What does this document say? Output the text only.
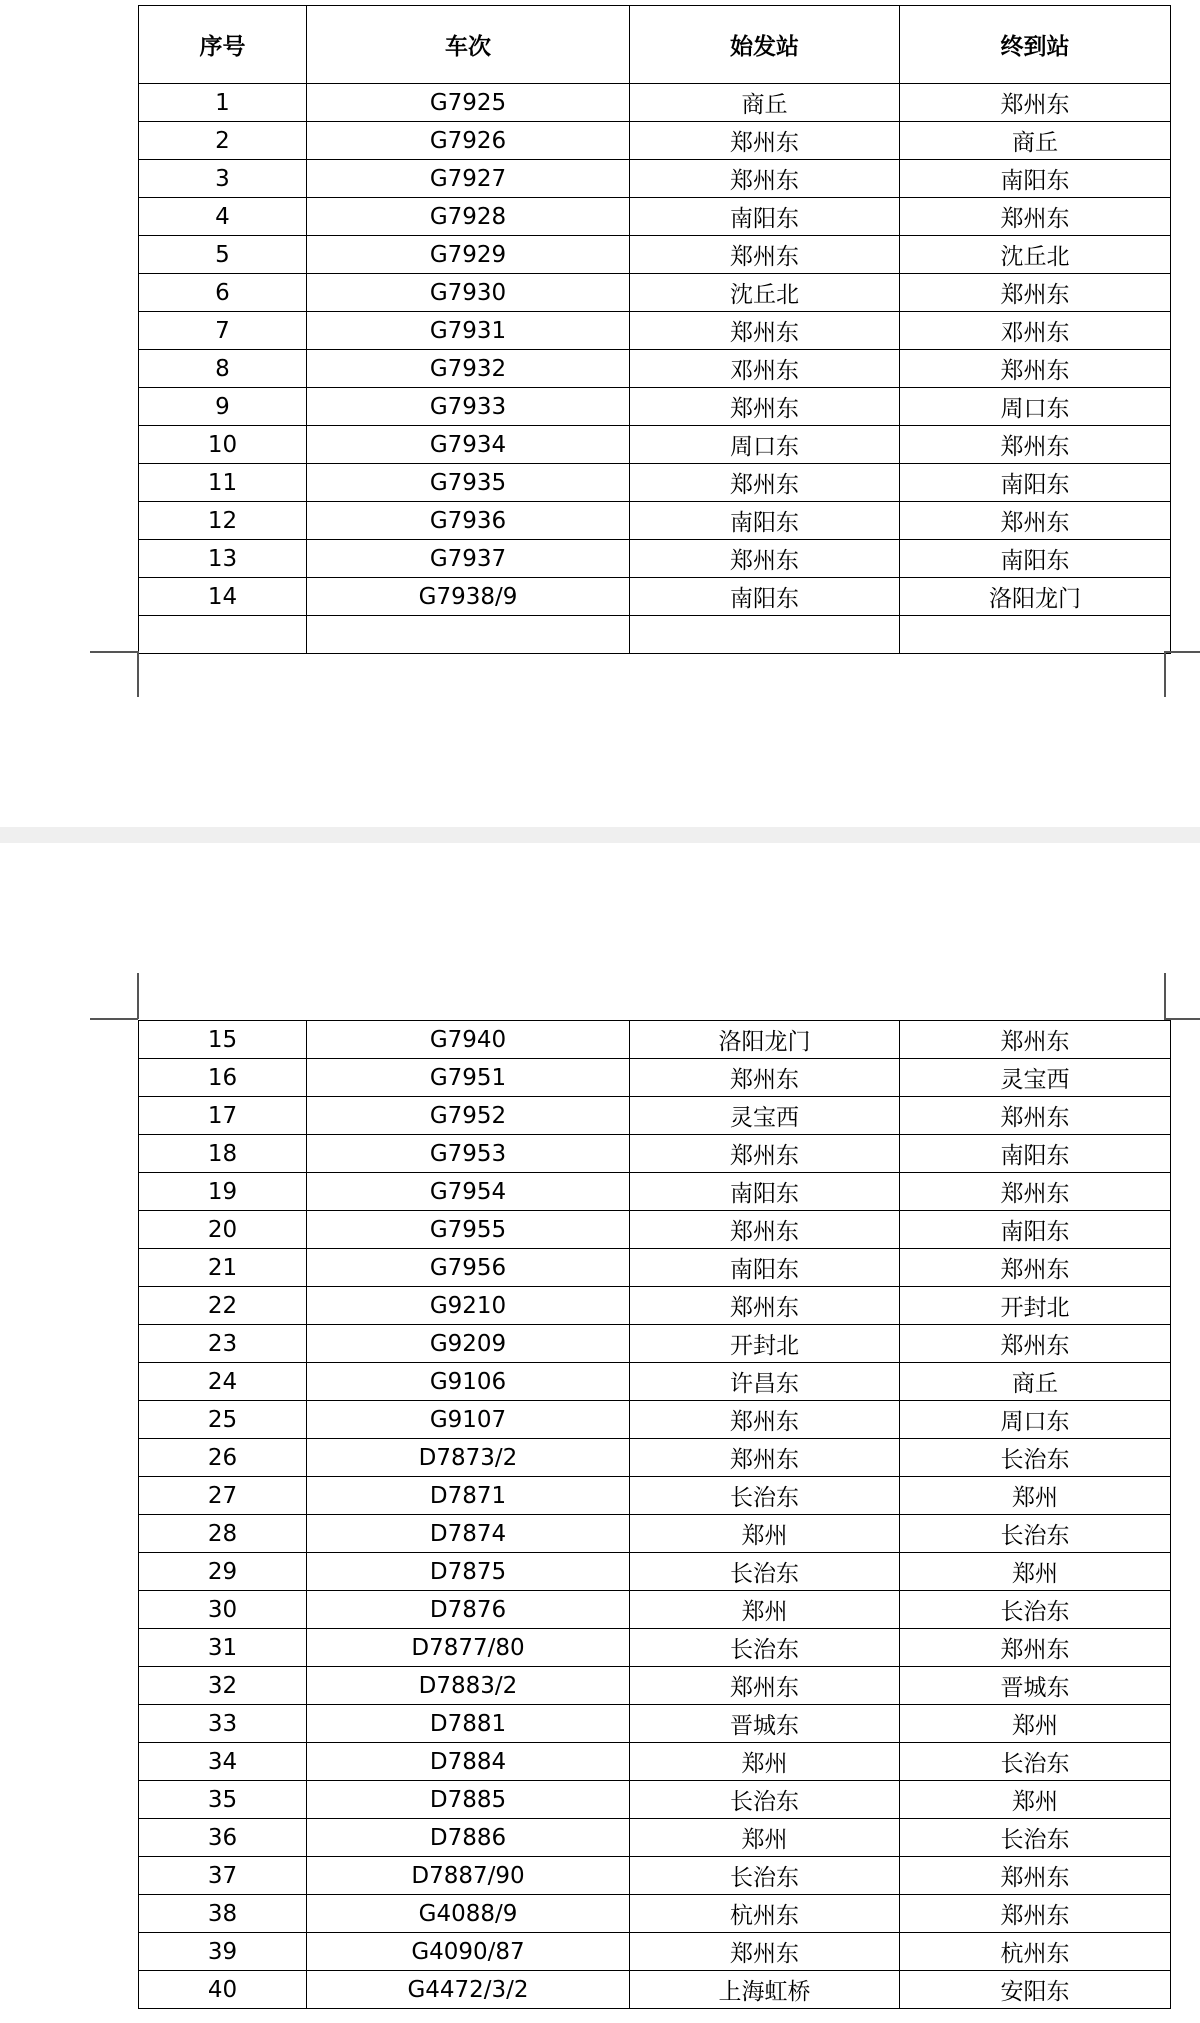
序号	车次	始发站	终到站
1	G7925	商丘	郑州东
2	G7926	郑州东	商丘
3	G7927	郑州东	南阳东
4	G7928	南阳东	郑州东
5	G7929	郑州东	沈丘北
6	G7930	沈丘北	郑州东
7	G7931	郑州东	邓州东
8	G7932	邓州东	郑州东
9	G7933	郑州东	周口东
10	G7934	周口东	郑州东
11	G7935	郑州东	南阳东
12	G7936	南阳东	郑州东
13	G7937	郑州东	南阳东
14	G7938/9	南阳东	洛阳龙门

15	G7940	洛阳龙门	郑州东
16	G7951	郑州东	灵宝西
17	G7952	灵宝西	郑州东
18	G7953	郑州东	南阳东
19	G7954	南阳东	郑州东
20	G7955	郑州东	南阳东
21	G7956	南阳东	郑州东
22	G9210	郑州东	开封北
23	G9209	开封北	郑州东
24	G9106	许昌东	商丘
25	G9107	郑州东	周口东
26	D7873/2	郑州东	长治东
27	D7871	长治东	郑州
28	D7874	郑州	长治东
29	D7875	长治东	郑州
30	D7876	郑州	长治东
31	D7877/80	长治东	郑州东
32	D7883/2	郑州东	晋城东
33	D7881	晋城东	郑州
34	D7884	郑州	长治东
35	D7885	长治东	郑州
36	D7886	郑州	长治东
37	D7887/90	长治东	郑州东
38	G4088/9	杭州东	郑州东
39	G4090/87	郑州东	杭州东
40	G4472/3/2	上海虹桥	安阳东
